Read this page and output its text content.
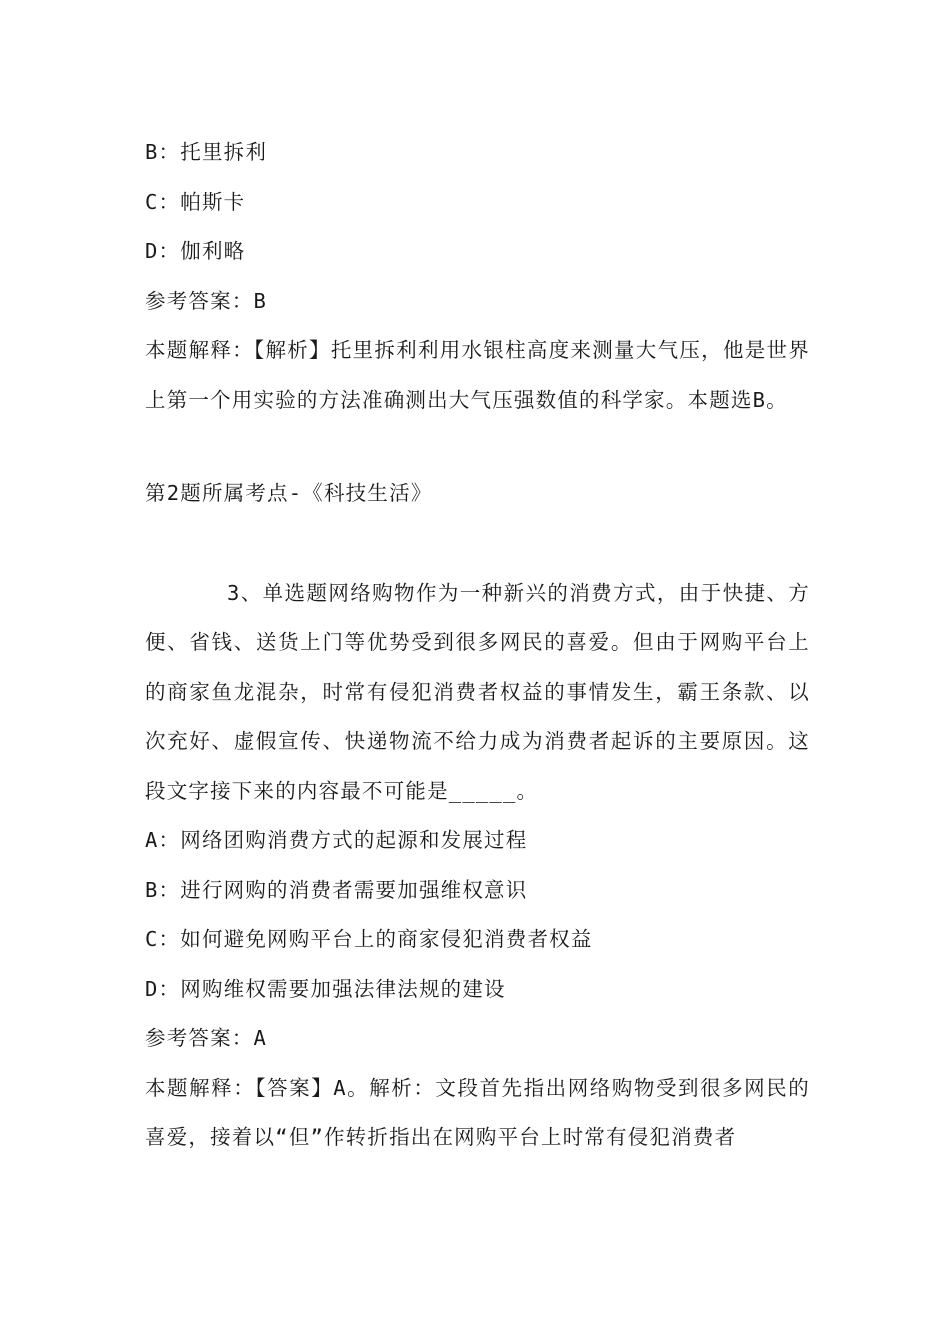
B：托里拆利

C：帕斯卡

D：伽利略

参考答案：B

本题解释：【解析】托里拆利利用水银柱高度来测量大气压，他是世界上第一个用实验的方法准确测出大气压强数值的科学家。本题选B。

第2题所属考点-《科技生活》

3、单选题网络购物作为一种新兴的消费方式，由于快捷、方便、省钱、送货上门等优势受到很多网民的喜爱。但由于网购平台上的商家鱼龙混杂，时常有侵犯消费者权益的事情发生，霸王条款、以次充好、虚假宣传、快递物流不给力成为消费者起诉的主要原因。这段文字接下来的内容最不可能是_____。

A：网络团购消费方式的起源和发展过程

B：进行网购的消费者需要加强维权意识

C：如何避免网购平台上的商家侵犯消费者权益

D：网购维权需要加强法律法规的建设

参考答案：A

本题解释：【答案】A。解析：文段首先指出网络购物受到很多网民的喜爱，接着以“但”作转折指出在网购平台上时常有侵犯消费者
